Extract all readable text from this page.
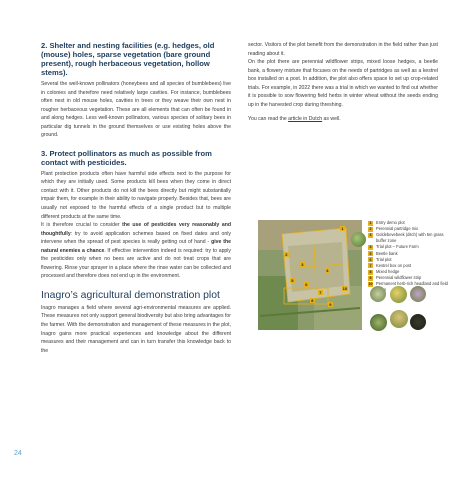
2. Shelter and nesting facilities (e.g. hedges, old (mouse) holes, sparse vegetation (bare ground present), rough herbaceous vegetation, hollow stems).

Several the well-known pollinators (honeybees and all species of bumblebees) live in colonies and therefore need relatively large cavities. For instance, bumblebees often nest in old mouse holes, cavities in trees or they weave their own nest in rougher herbaceous vegetation. These are all elements that can often be found in and along hedges. Less well-known pollinators, various species of solitary bees in particular dig tunnels in the ground themselves or use existing holes above the ground.

3. Protect pollinators as much as possible from contact with pesticides.

Plant protection products often have harmful side effects next to the purpose for which they are initially used. Some products kill bees when they come in direct contact with it. Other products do not kill the bees directly but might substantially impair them, for example in their ability to navigate properly. Besides that, bees are usually not exposed to the harmful effects of a single product but to multiple different products at the same time.

It is therefore crucial to consider the use of pesticides very reasonably and thoughtfully: try to avoid application schemes based on fixed dates and only intervene when the spread of pest species is really getting out of hand - give the natural enemies a chance. If effective intervention indeed is required: try to apply the pesticides only when no bees are active and do not treat crops that are flowering. Rinse your sprayer in a place where the rinse water can be collected and processed and therefore does not end up in the environment.

Inagro’s agricultural demonstration plot

Inagro manages a field where several agri-environmental measures are applied. These measures not only support general biodiversity but also bring advantages for the farmer. With the demonstration and management of these measures in the plot, Inagro gains more practical experiences and knowledge about the different measures and their management and can in turn transfer this knowledge back to the

sector. Visitors of the plot benefit from the demonstration in the field rather than just reading about it.

On the plot there are perennial wildflower strips, mixed loose hedges, a beetle bank, a flowery mixture that focuses on the needs of partridges as well as a kestrel box installed on a post. In addition, the plot also offers space to set up crop-related trials. For example, in 2022 there was a trial in which we wanted to find out whether it is possible to sow flowering field herbs in winter wheat without the seeds ending up in the harvested crop during threshing.

You can read the article in Dutch as well.

1
2
3
4
5
6
7
8
9
10
1	Entry demo plot
2	Perennial partridge mix
3	Goldebevebeek (ditch) with 5m grass buffer zone
4	Trial plot – Future Farm
5	Beetle bank
6	Trial plot
7	Kestrel box on post
8	Mixed hedge
9	Perennial wildflower strip
10 Permanent herb-rich headland and field
24
